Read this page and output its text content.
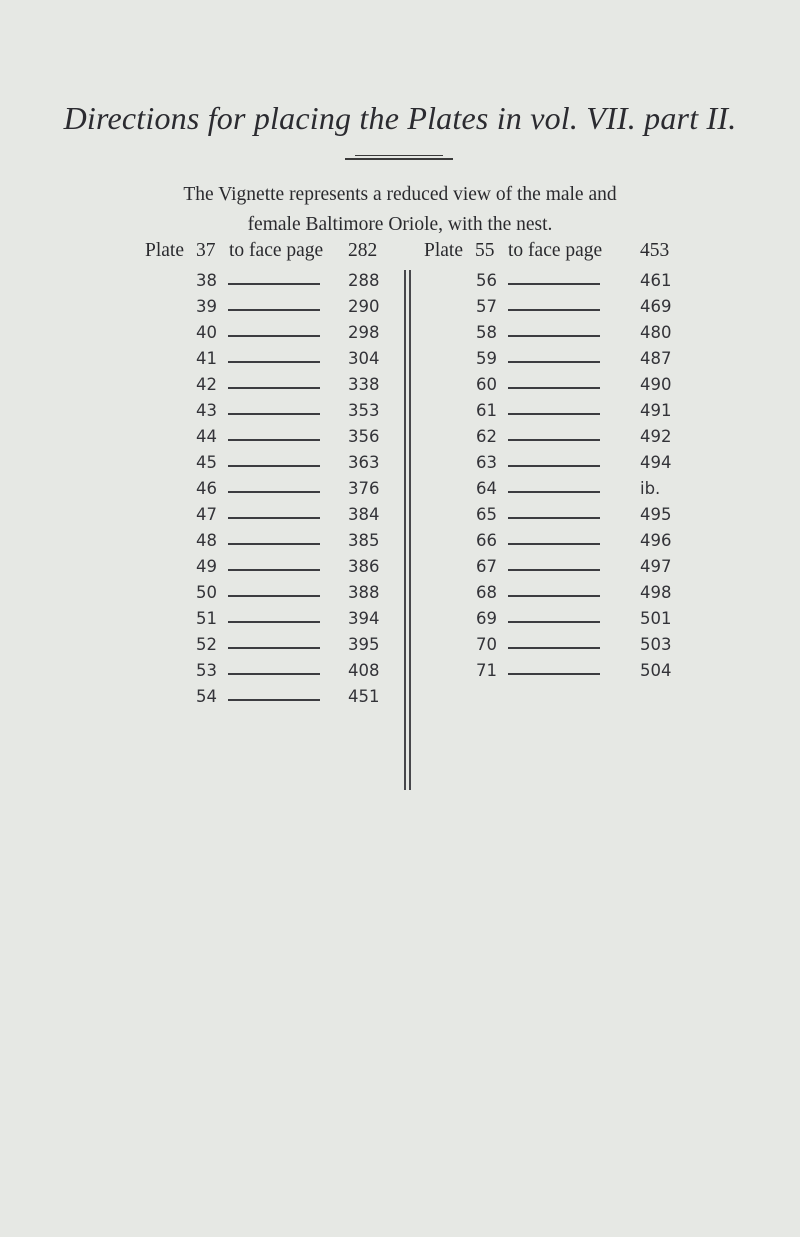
Directions for placing the Plates in vol. VII. part II.
The Vignette represents a reduced view of the male and
female Baltimore Oriole, with the nest.
Plate 37 to face page 282 Plate 55 to face page 453
38	288
39	290
40	298
41	304
42	338
43	353
44	356
45	363
46	376
47	384
48	385
49	386
50	388
51	394
52	395
53	408
54	451
56	461
57	469
58	480
59	487
60	490
61	491
62	492
63	494
64	ib.
65	495
66	496
67	497
68	498
69	501
70	503
71	504
